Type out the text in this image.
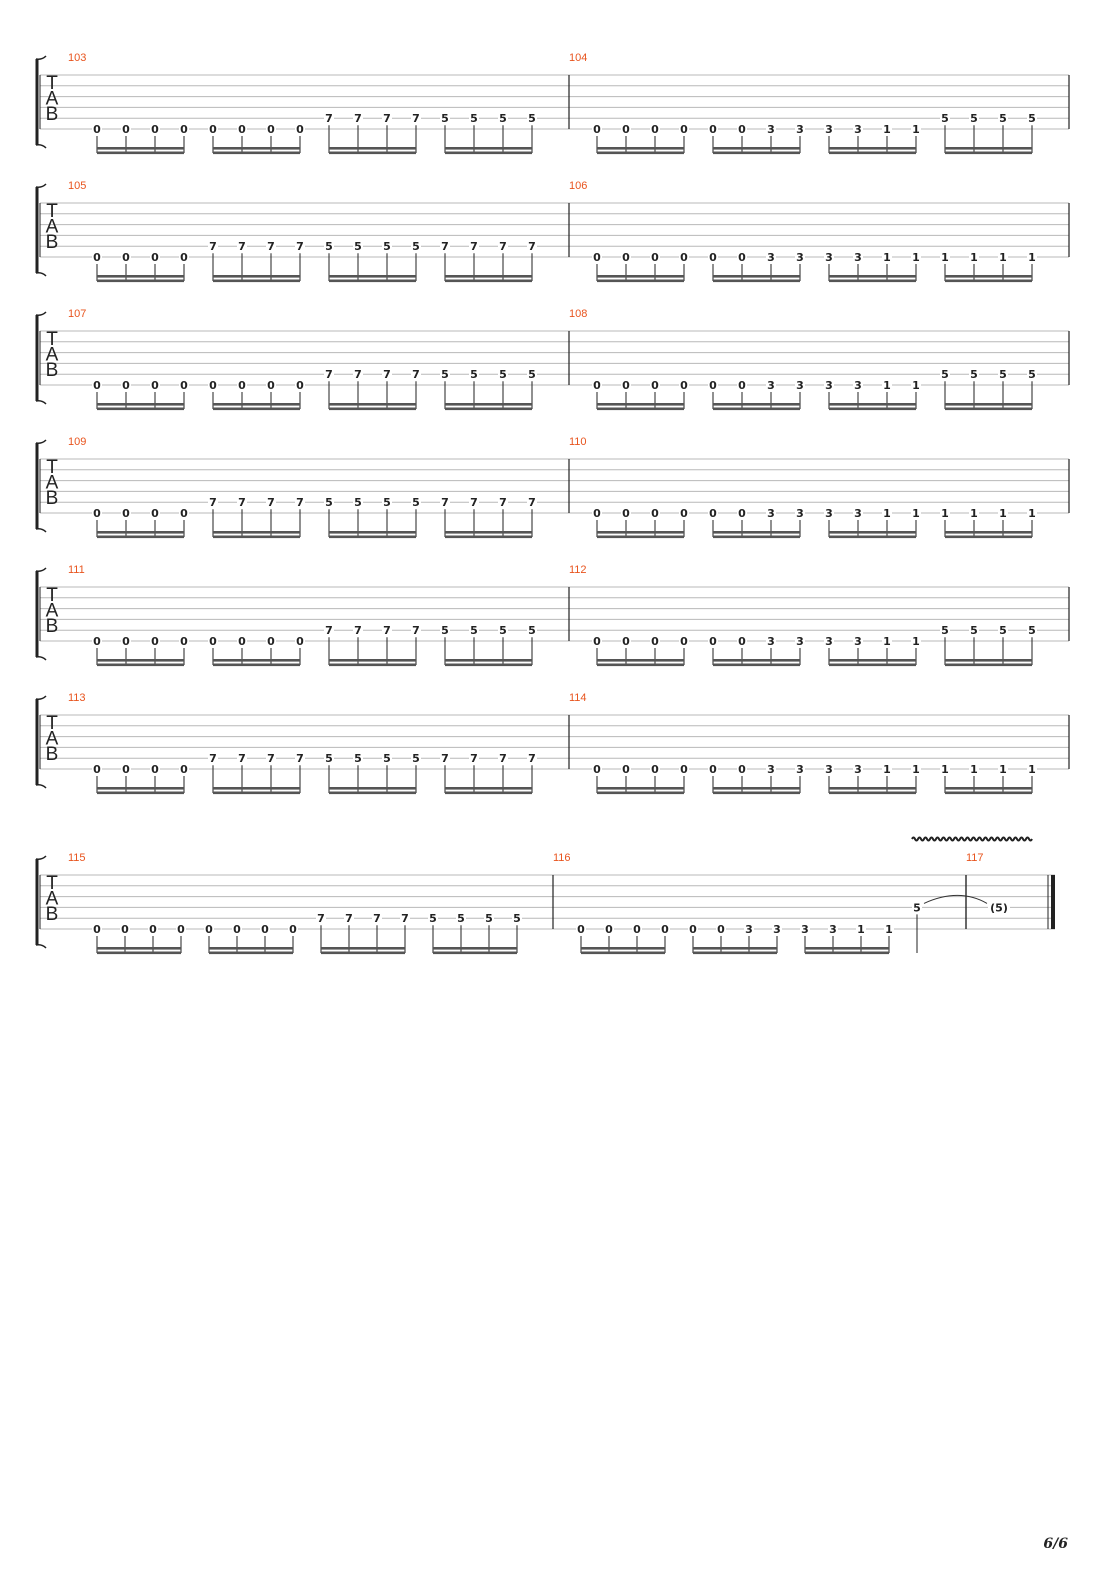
T
A
B
103
0 0 0 0 0 0 0 0
7 7 7 7 5 5 5 5
104
0 0 0 0 0 0 3 3 3 3 1 1
5 5 5 5
T
A
B
105
0 0 0 0
7 7 7 7 5 5 5 5 7 7 7 7
106
0 0 0 0 0 0 3 3 3 3 1 1 1 1 1 1
T
A
B
107
0 0 0 0 0 0 0 0
7 7 7 7 5 5 5 5
108
0 0 0 0 0 0 3 3 3 3 1 1
5 5 5 5
T
A
B
109
0 0 0 0
7 7 7 7 5 5 5 5 7 7 7 7
110
0 0 0 0 0 0 3 3 3 3 1 1 1 1 1 1
T
A
B
111
0 0 0 0 0 0 0 0
7 7 7 7 5 5 5 5
112
0 0 0 0 0 0 3 3 3 3 1 1
5 5 5 5
T
A
B
113
0 0 0 0
7 7 7 7 5 5 5 5 7 7 7 7
114
0 0 0 0 0 0 3 3 3 3 1 1 1 1 1 1
T
A
B
115
0 0 0 0 0 0 0 0
7 7 7 7 5 5 5 5
116
0 0 0 0 0 0 3 3 3 3 1 1
117
5	(5)
6/6
